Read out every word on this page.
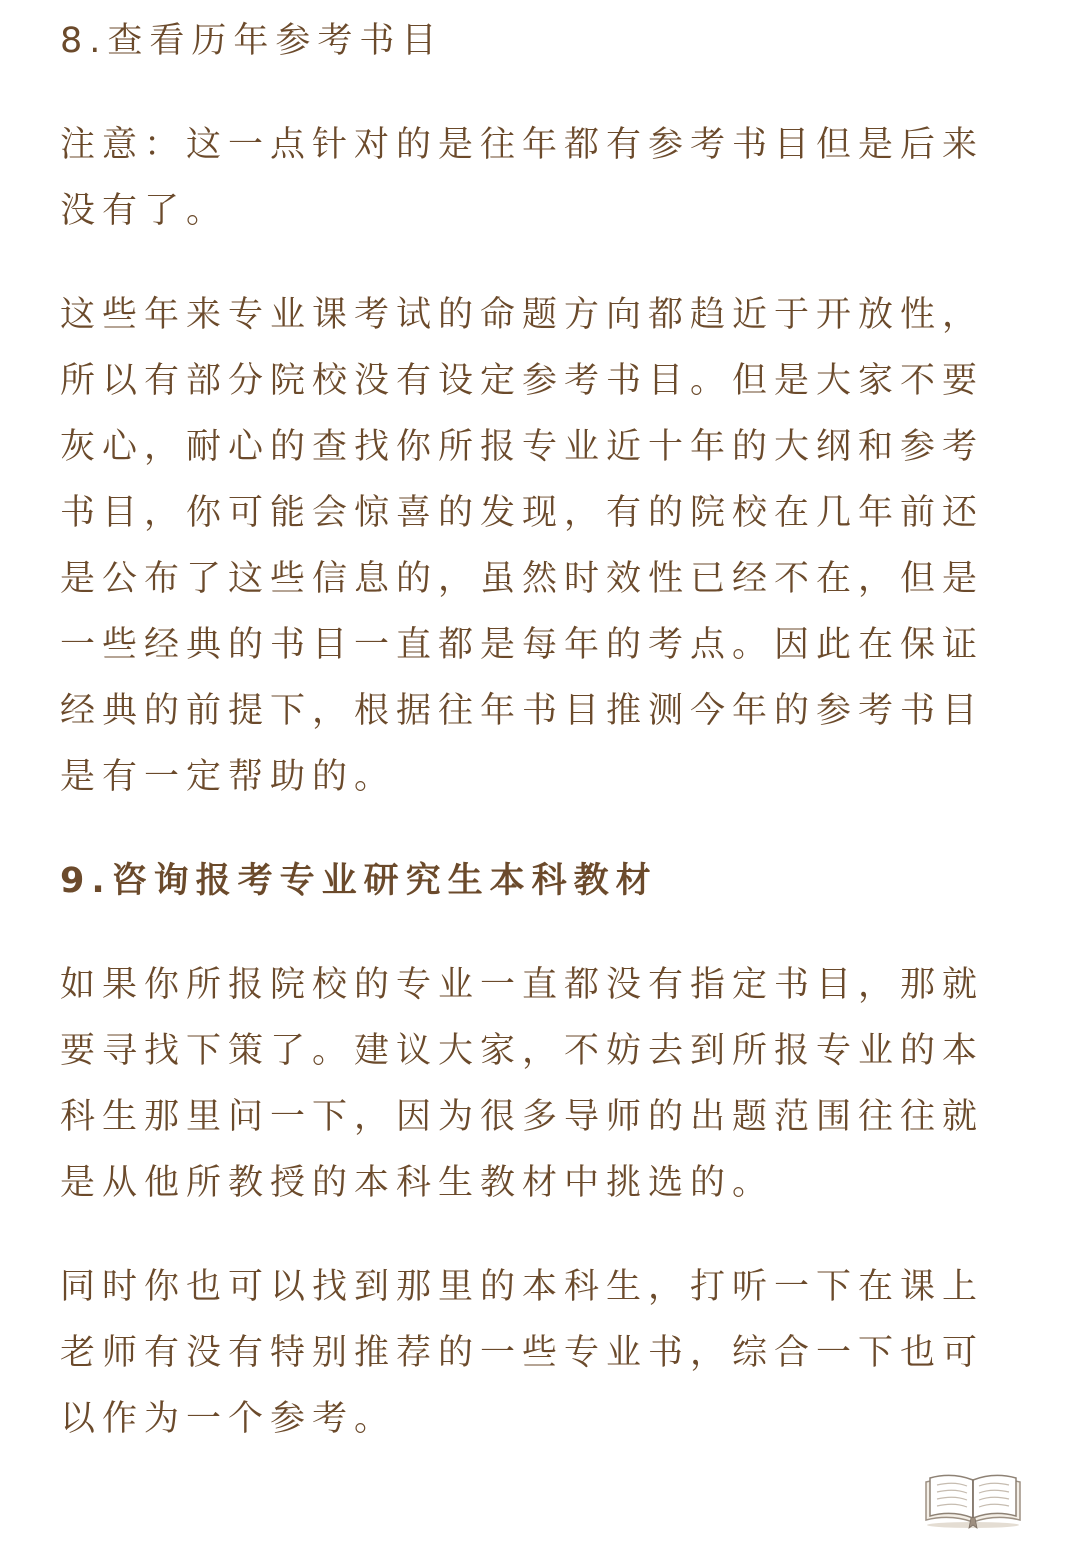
8.查看历年参考书目

注意：这一点针对的是往年都有参考书目但是后来没有了。

这些年来专业课考试的命题方向都趋近于开放性，所以有部分院校没有设定参考书目。但是大家不要灰心，耐心的查找你所报专业近十年的大纲和参考书目，你可能会惊喜的发现，有的院校在几年前还是公布了这些信息的，虽然时效性已经不在，但是一些经典的书目一直都是每年的考点。因此在保证经典的前提下，根据往年书目推测今年的参考书目是有一定帮助的。

9.咨询报考专业研究生本科教材

如果你所报院校的专业一直都没有指定书目，那就要寻找下策了。建议大家，不妨去到所报专业的本科生那里问一下，因为很多导师的出题范围往往就是从他所教授的本科生教材中挑选的。

同时你也可以找到那里的本科生，打听一下在课上老师有没有特别推荐的一些专业书，综合一下也可以作为一个参考。
